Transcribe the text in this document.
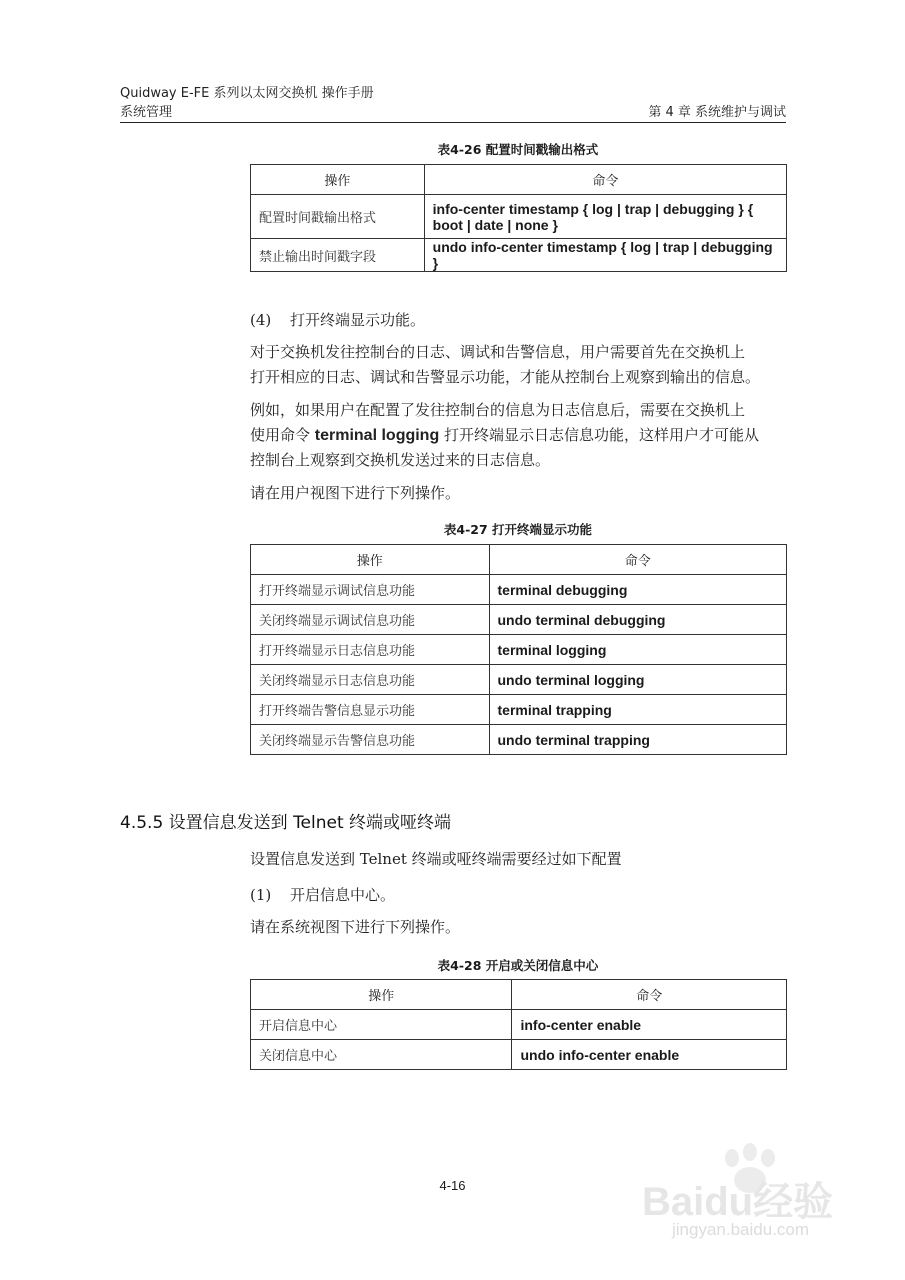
Quidway E-FE 系列以太网交换机 操作手册
系统管理	第 4 章 系统维护与调试
表4-26 配置时间戳输出格式
操作	命令
配置时间戳输出格式	info-center timestamp { log | trap | debugging } { boot | date | none }
禁止输出时间戳字段	undo info-center timestamp { log | trap | debugging }
(4) 打开终端显示功能。
对于交换机发往控制台的日志、调试和告警信息，用户需要首先在交换机上
打开相应的日志、调试和告警显示功能，才能从控制台上观察到输出的信息。
例如，如果用户在配置了发往控制台的信息为日志信息后，需要在交换机上
使用命令 terminal logging 打开终端显示日志信息功能，这样用户才可能从
控制台上观察到交换机发送过来的日志信息。
请在用户视图下进行下列操作。
表4-27 打开终端显示功能
操作	命令
打开终端显示调试信息功能	terminal debugging
关闭终端显示调试信息功能	undo terminal debugging
打开终端显示日志信息功能	terminal logging
关闭终端显示日志信息功能	undo terminal logging
打开终端告警信息显示功能	terminal trapping
关闭终端显示告警信息功能	undo terminal trapping
4.5.5 设置信息发送到 Telnet 终端或哑终端
设置信息发送到 Telnet 终端或哑终端需要经过如下配置
(1) 开启信息中心。
请在系统视图下进行下列操作。
表4-28 开启或关闭信息中心
操作	命令
开启信息中心	info-center enable
关闭信息中心	undo info-center enable
4-16	Baidu经验
jingyan.baidu.com
